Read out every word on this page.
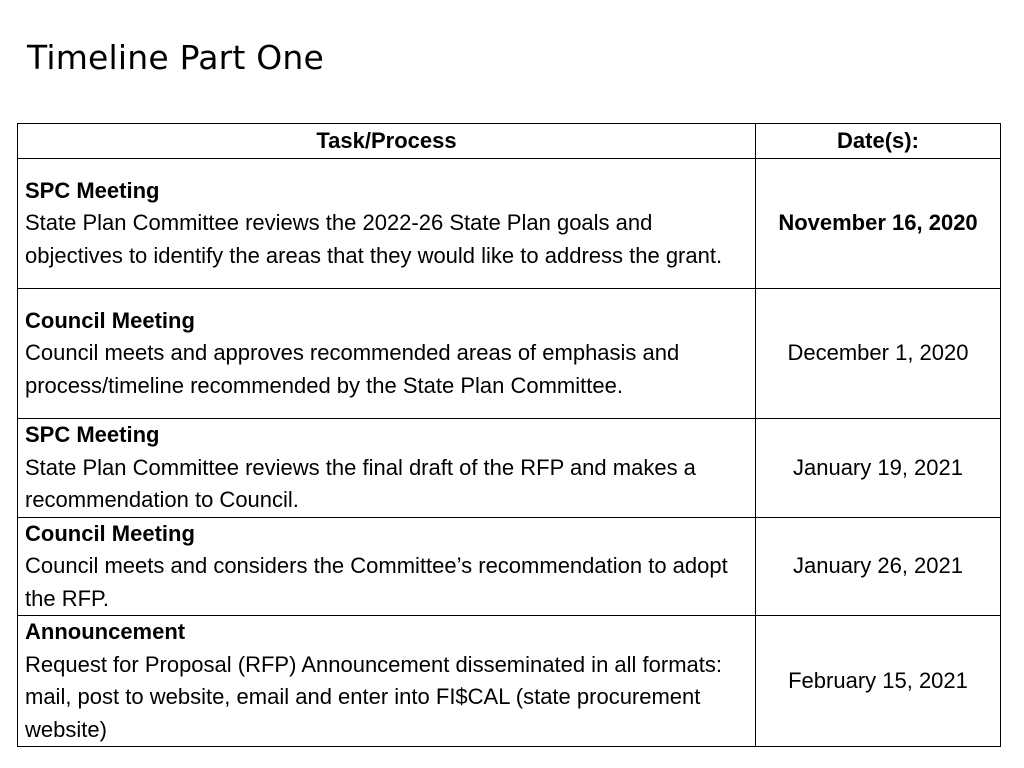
Timeline Part One
Task/Process	Date(s):

SPC Meeting
State Plan Committee reviews the 2022-26 State Plan goals and objectives to identify the areas that they would like to address the grant.	November 16, 2020

Council Meeting
Council meets and approves recommended areas of emphasis and process/timeline recommended by the State Plan Committee.	December 1, 2020

SPC Meeting
State Plan Committee reviews the final draft of the RFP and makes a recommendation to Council.	January 19, 2021

Council Meeting
Council meets and considers the Committee’s recommendation to adopt the RFP.	January 26, 2021

Announcement
Request for Proposal (RFP) Announcement disseminated in all formats: mail, post to website, email and enter into FI$CAL (state procurement website)	February 15, 2021
